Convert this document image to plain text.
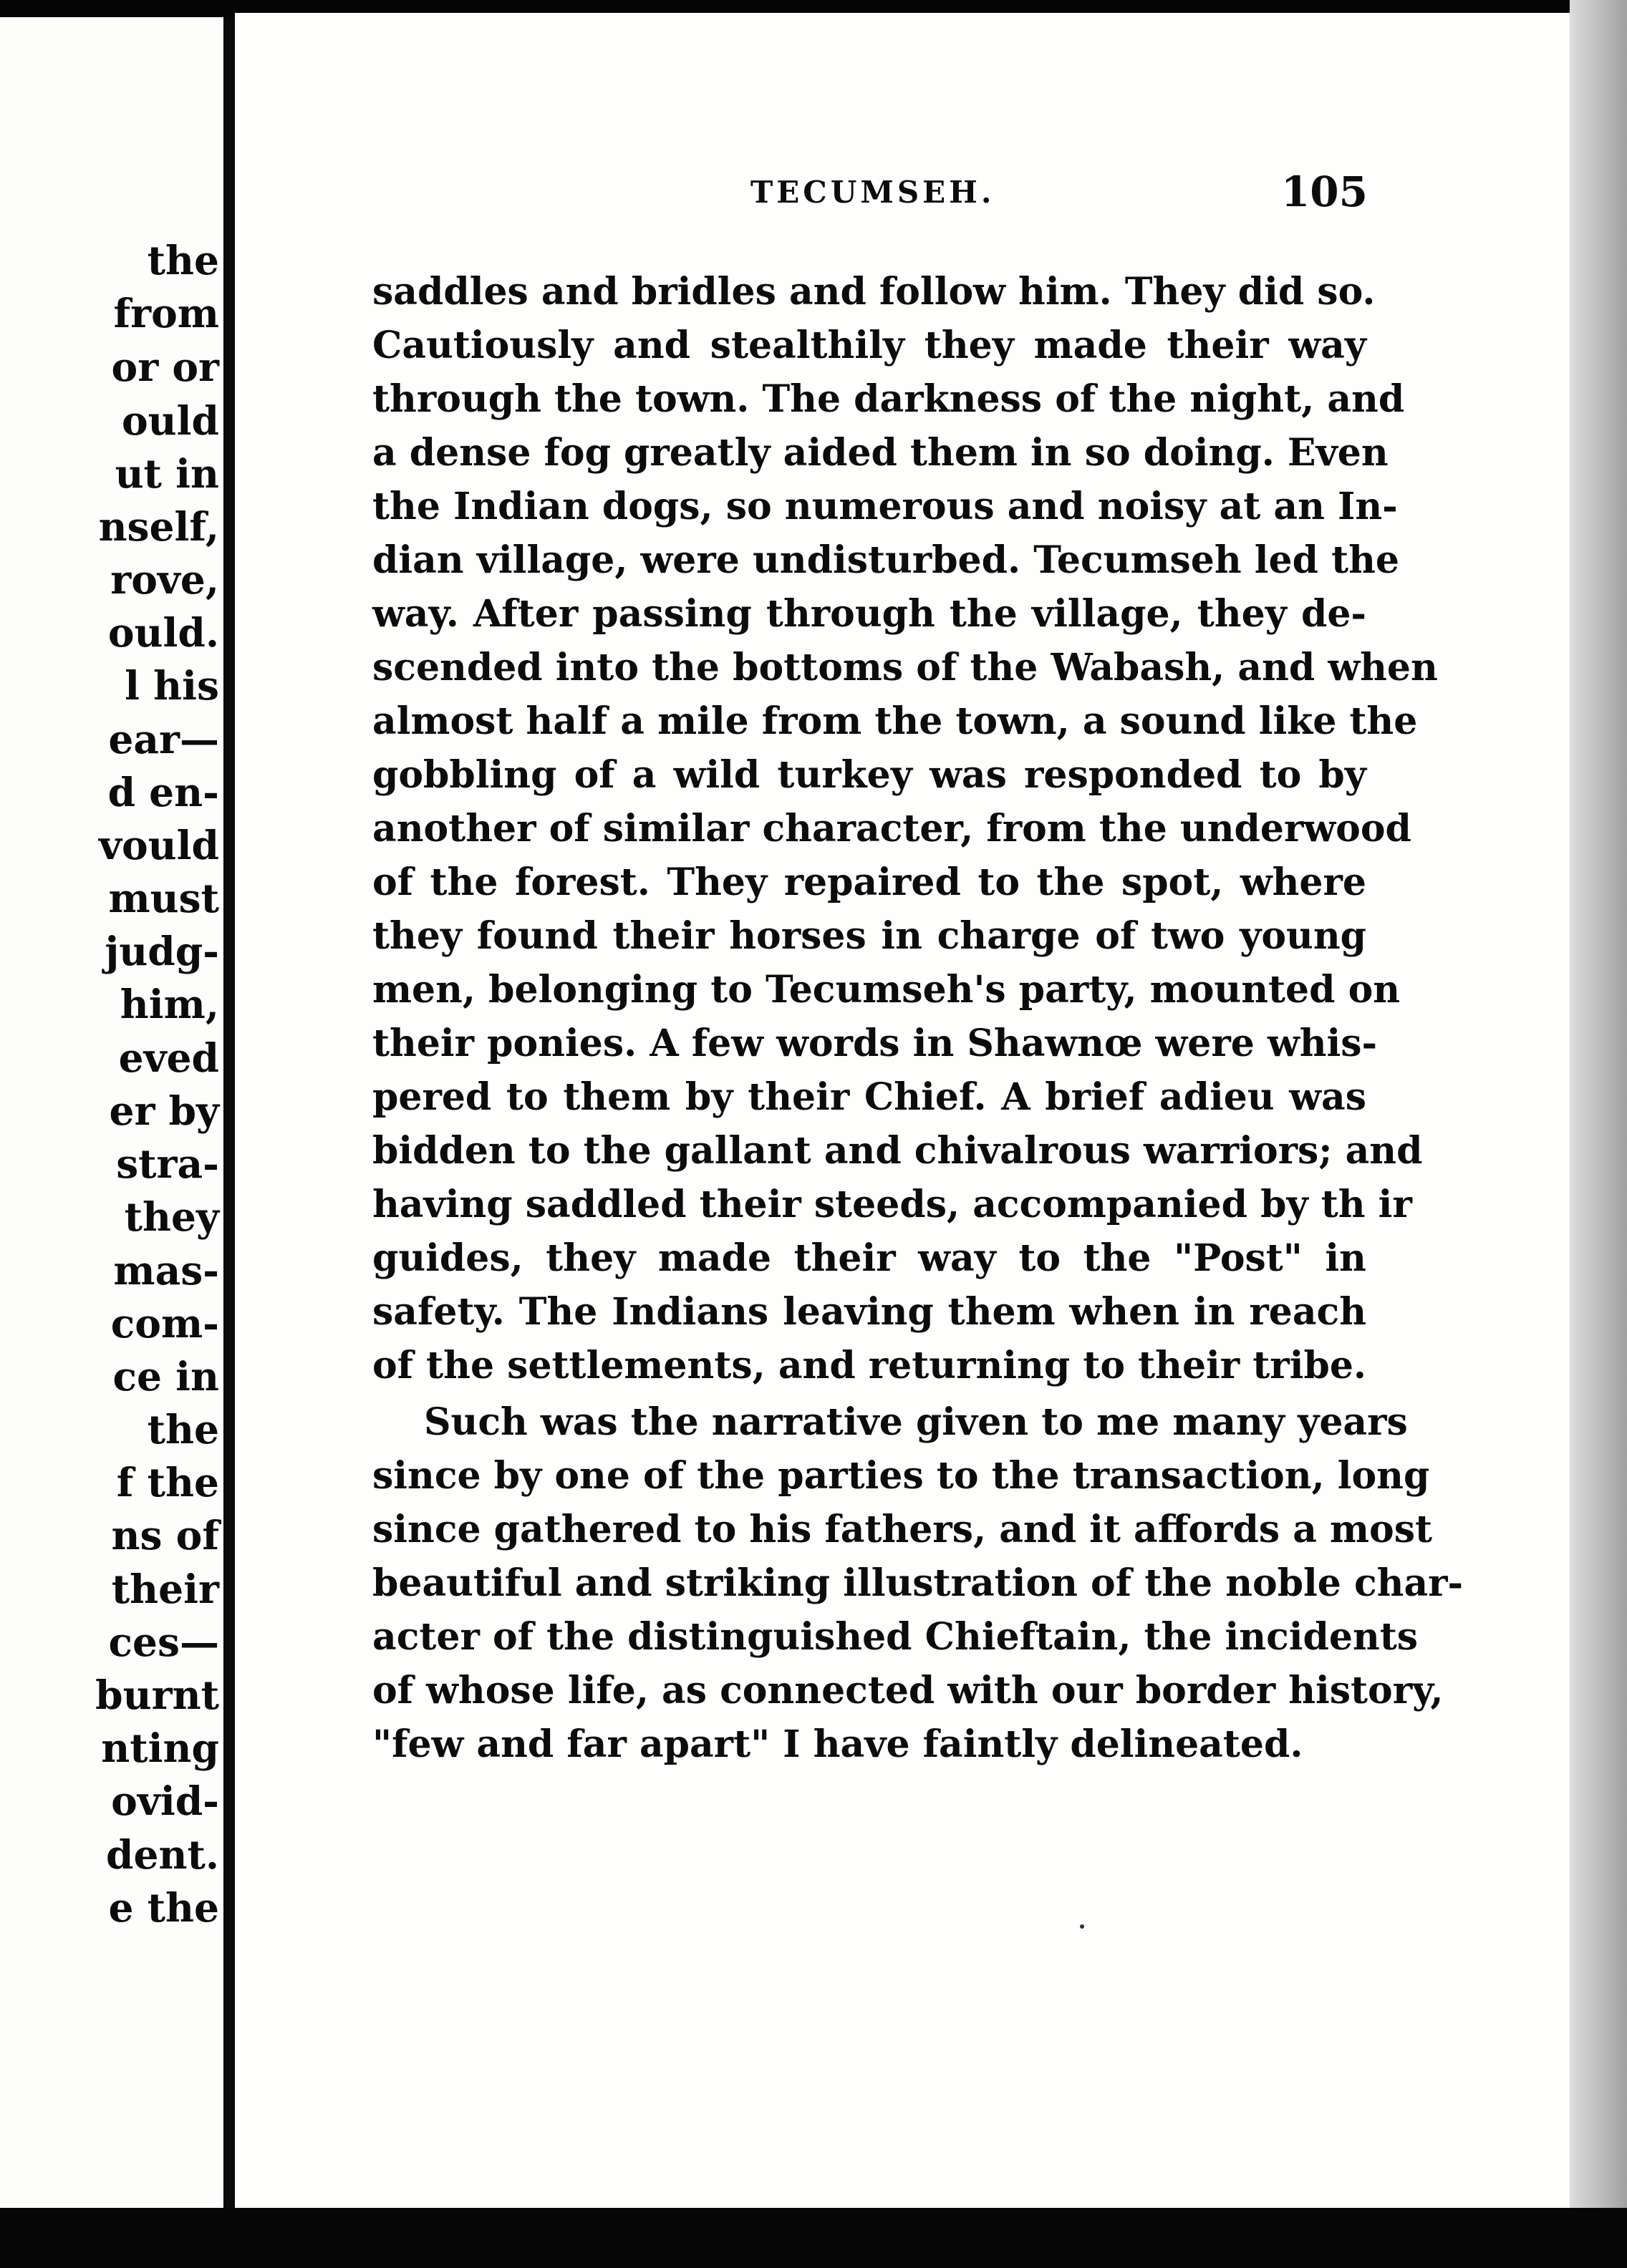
the
from
or or
ould
ut in
nself,
rove,
ould.
l his
ear—
d en-
vould
must
judg-
him,
eved
er by
stra-
they
mas-
com-
ce in
the
f the
ns of
their
ces—
burnt
nting
ovid-
dent.
e the
TECUMSEH.	105
saddles and bridles and follow him. They did so.
Cautiously and stealthily they made their way
through the town. The darkness of the night, and
a dense fog greatly aided them in so doing. Even
the Indian dogs, so numerous and noisy at an In-
dian village, were undisturbed. Tecumseh led the
way. After passing through the village, they de-
scended into the bottoms of the Wabash, and when
almost half a mile from the town, a sound like the
gobbling of a wild turkey was responded to by
another of similar character, from the underwood
of the forest. They repaired to the spot, where
they found their horses in charge of two young
men, belonging to Tecumseh's party, mounted on
their ponies. A few words in Shawnœ were whis-
pered to them by their Chief. A brief adieu was
bidden to the gallant and chivalrous warriors; and
having saddled their steeds, accompanied by th ir
guides, they made their way to the "Post" in
safety. The Indians leaving them when in reach
of the settlements, and returning to their tribe.
Such was the narrative given to me many years
since by one of the parties to the transaction, long
since gathered to his fathers, and it affords a most
beautiful and striking illustration of the noble char-
acter of the distinguished Chieftain, the incidents
of whose life, as connected with our border history,
"few and far apart" I have faintly delineated.
